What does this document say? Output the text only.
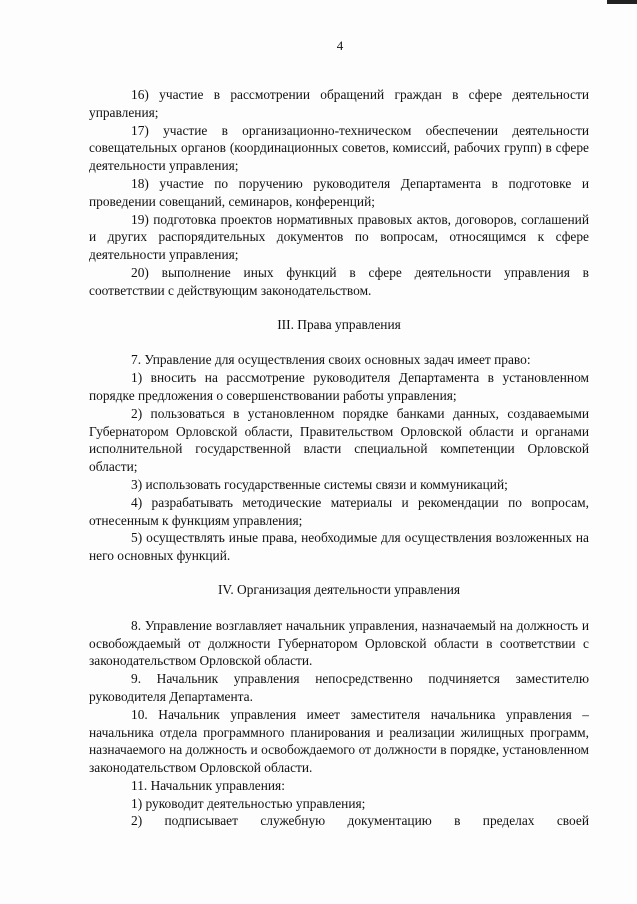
4

16) участие в рассмотрении обращений граждан в сфере деятельности управления;

17) участие в организационно-техническом обеспечении деятельности совещательных органов (координационных советов, комиссий, рабочих групп) в сфере деятельности управления;

18) участие по поручению руководителя Департамента в подготовке и проведении совещаний, семинаров, конференций;

19) подготовка проектов нормативных правовых актов, договоров, соглашений и других распорядительных документов по вопросам, относящимся к сфере деятельности управления;

20) выполнение иных функций в сфере деятельности управления в соответствии с действующим законодательством.

III. Права управления

7. Управление для осуществления своих основных задач имеет право:

1) вносить на рассмотрение руководителя Департамента в установленном порядке предложения о совершенствовании работы управления;

2) пользоваться в установленном порядке банками данных, создаваемыми Губернатором Орловской области, Правительством Орловской области и органами исполнительной государственной власти специальной компетенции Орловской области;

3) использовать государственные системы связи и коммуникаций;

4) разрабатывать методические материалы и рекомендации по вопросам, отнесенным к функциям управления;

5) осуществлять иные права, необходимые для осуществления возложенных на него основных функций.

IV. Организация деятельности управления

8. Управление возглавляет начальник управления, назначаемый на должность и освобождаемый от должности Губернатором Орловской области в соответствии с законодательством Орловской области.

9. Начальник управления непосредственно подчиняется заместителю руководителя Департамента.

10. Начальник управления имеет заместителя начальника управления – начальника отдела программного планирования и реализации жилищных программ, назначаемого на должность и освобождаемого от должности в порядке, установленном законодательством Орловской области.

11. Начальник управления:

1) руководит деятельностью управления;

2) подписывает служебную документацию в пределах своей
